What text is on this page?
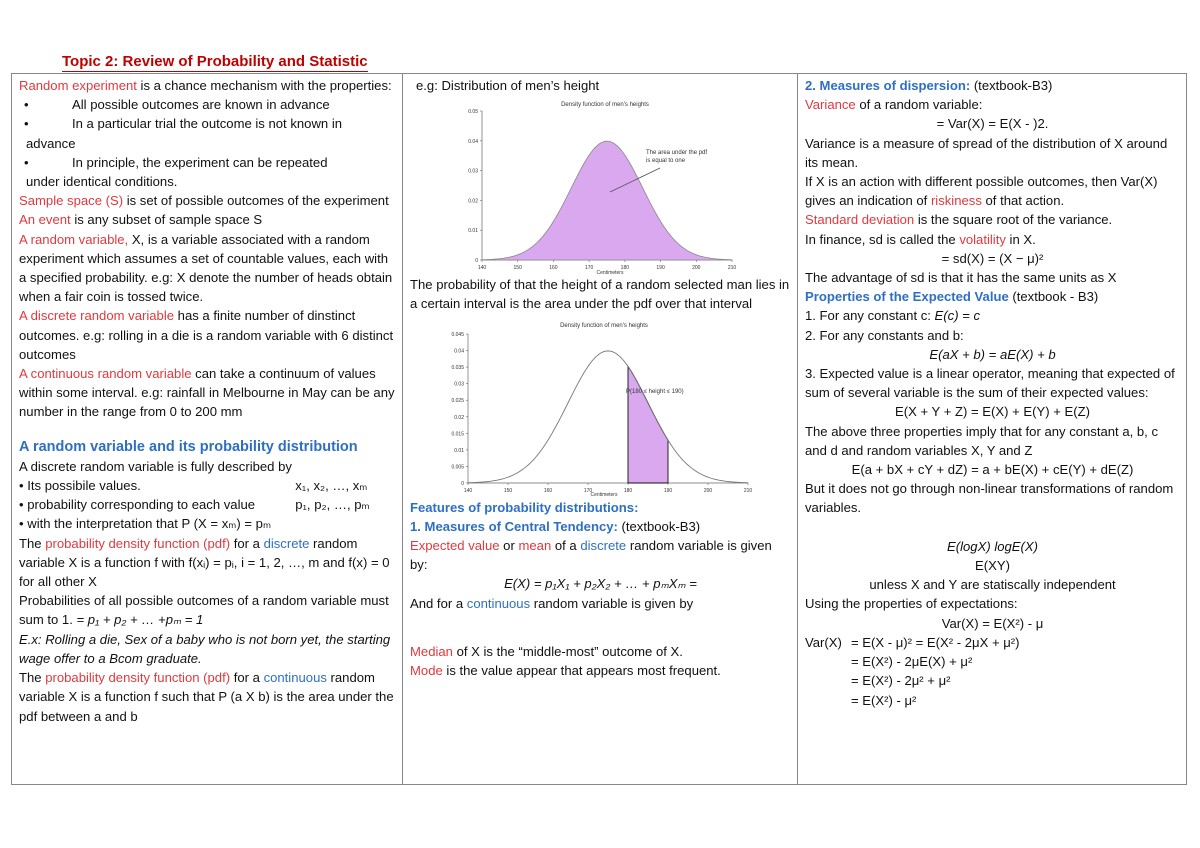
Topic 2: Review of Probability and Statistic

Random experiment is a chance mechanism with the properties:

•	All possible outcomes are known in advance

•	In a particular trial the outcome is not known in

advance

•	In principle, the experiment can be repeated

under identical conditions.

Sample space (S) is set of possible outcomes of the experiment

An event is any subset of sample space S

A random variable, X, is a variable associated with a random experiment which assumes a set of countable values, each with a specified probability. e.g: X denote the number of heads obtain when a fair coin is tossed twice.

A discrete random variable has a finite number of dinstinct outcomes. e.g: rolling in a die is a random variable with 6 distinct outcomes

A continuous random variable can take a continuum of values within some interval. e.g: rainfall in Melbourne in May can be any number in the range from 0 to 200 mm

A random variable and its probability distribution

A discrete random variable is fully described by

• Its possibile values.	x₁, x₂, …, xₘ

• probability corresponding to each value	p₁, p₂, …, pₘ

• with the interpretation that P (X = xₘ) = pₘ

The probability density function (pdf) for a discrete random variable X is a function f with f(xᵢ) = pᵢ, i = 1, 2, …, m and f(x) = 0 for all other X

Probabilities of all possible outcomes of a random variable must sum to 1. = p₁ + p₂ + … +pₘ = 1

E.x: Rolling a die, Sex of a baby who is not born yet, the starting wage offer to a Bcom graduate.

The probability density function (pdf) for a continuous random variable X is a function f such that P (a X b) is the area under the pdf between a and b

e.g: Distribution of men’s height

Density function of men's heights
140	150	160	170	180	190	200	210
0
0.01
0.02
0.03
0.04
0.05
The area under the pdf
is equal to one
Centimeters

The probability of that the height of a random selected man lies in a certain interval is the area under the pdf over that interval

Density function of men's heights
140	150	160	170	180	190	200	210
0
0.005
0.01
0.015
0.02
0.025
0.03
0.035
0.04
0.045
P(180 ≤ height ≤ 190)
Centimeters

Features of probability distributions:

1. Measures of Central Tendency: (textbook-B3)

Expected value or mean of a discrete random variable is given by:

E(X) = p₁X₁ + p₂X₂ + … + pₘXₘ =

And for a continuous random variable is given by

Median of X is the “middle-most” outcome of X.

Mode is the value appear that appears most frequent.

2. Measures of dispersion: (textbook-B3)

Variance of a random variable:

= Var(X) = E(X - )2.

Variance is a measure of spread of the distribution of X around its mean.

If X is an action with different possible outcomes, then Var(X) gives an indication of riskiness of that action.

Standard deviation is the square root of the variance.

In finance, sd is called the volatility in X.

= sd(X) = (X − μ)²

The advantage of sd is that it has the same units as X

Properties of the Expected Value (textbook - B3)

1. For any constant c: E(c) = c

2. For any constants and b:

E(aX + b) = aE(X) + b

3. Expected value is a linear operator, meaning that expected of sum of several variable is the sum of their expected values:

E(X + Y + Z) = E(X) + E(Y) + E(Z)

The above three properties imply that for any constant a, b, c and d and random variables X, Y and Z

E(a + bX + cY + dZ) = a + bE(X) + cE(Y) + dE(Z)

But it does not go through non-linear transformations of random variables.

E(logX) logE(X)

E(XY)

unless X and Y are statiscally independent

Using the properties of expectations:

Var(X) = E(X²) - μ

Var(X) = E(X - μ)² = E(X² - 2μX + μ²)

= E(X²) - 2μE(X) + μ²

= E(X²) - 2μ² + μ²

= E(X²) - μ²
